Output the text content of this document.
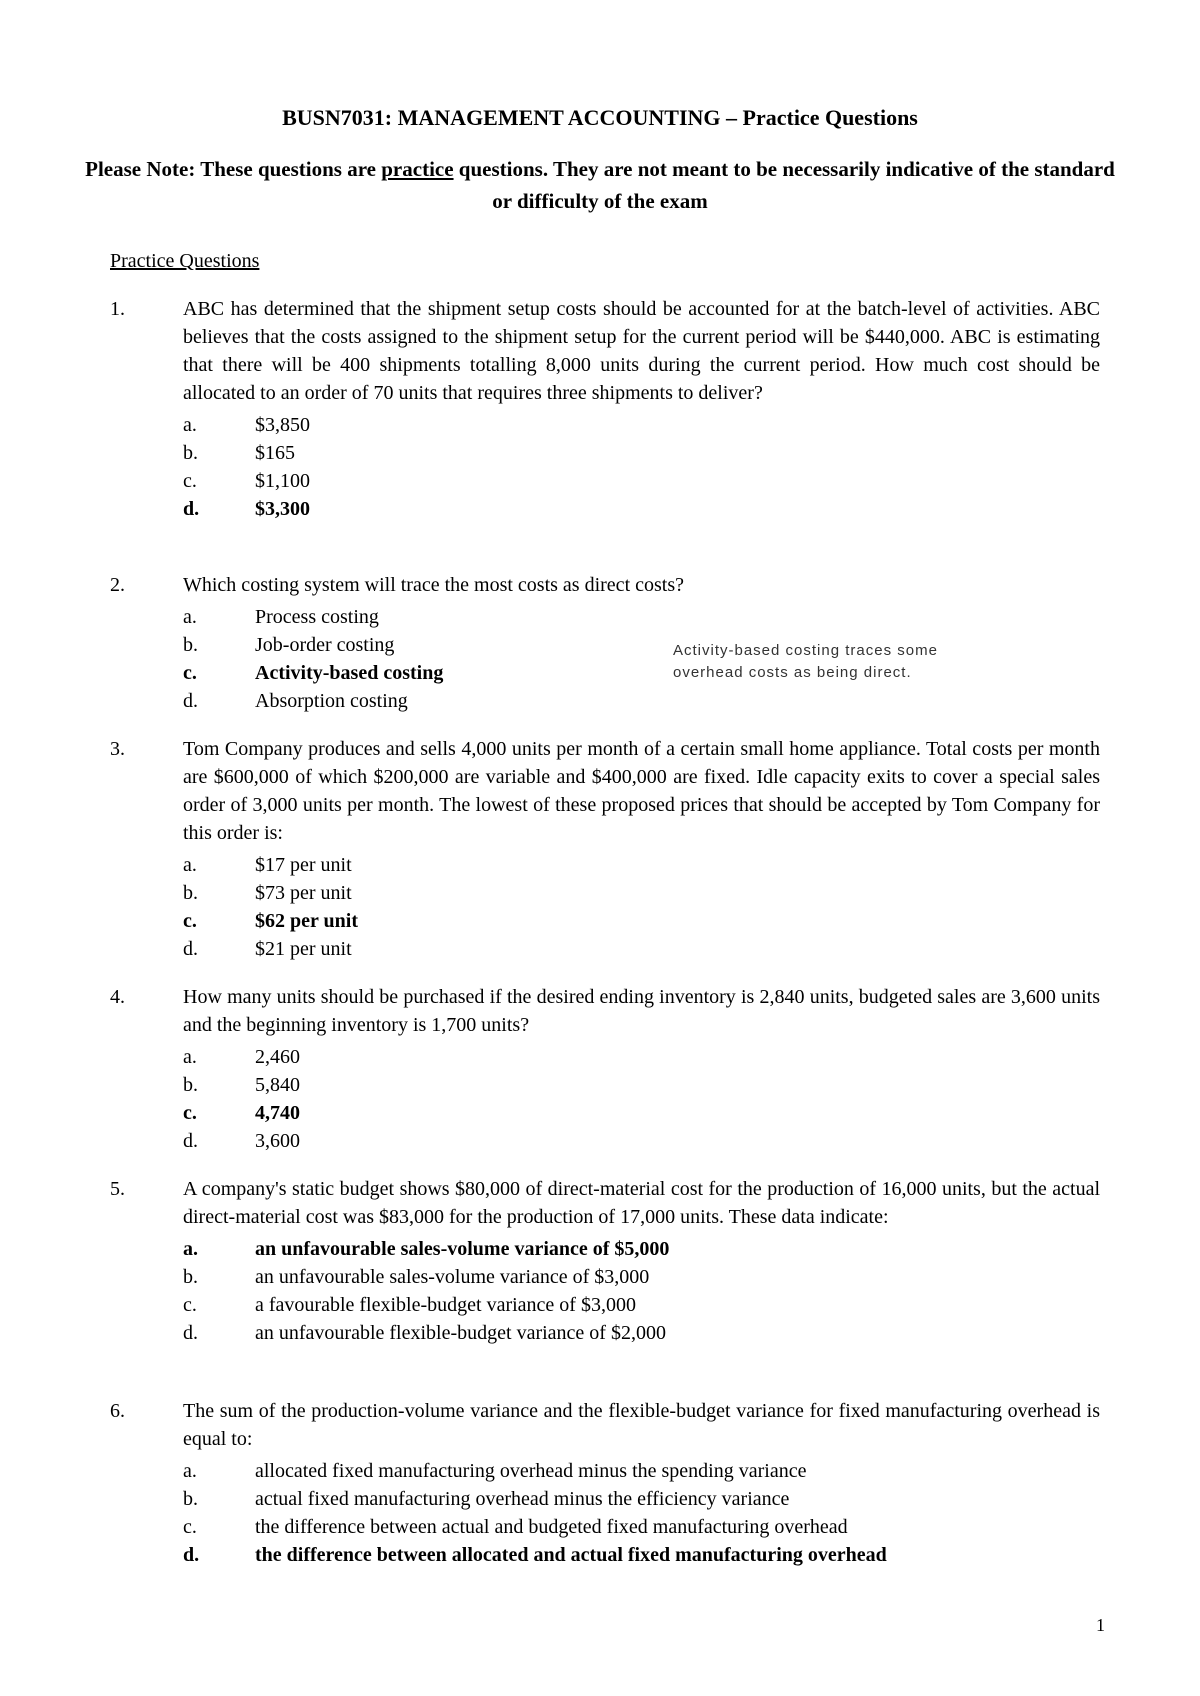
BUSN7031: MANAGEMENT ACCOUNTING – Practice Questions
Please Note: These questions are practice questions. They are not meant to be necessarily indicative of the standard or difficulty of the exam
Practice Questions
1.	ABC has determined that the shipment setup costs should be accounted for at the batch-level of activities. ABC believes that the costs assigned to the shipment setup for the current period will be $440,000. ABC is estimating that there will be 400 shipments totalling 8,000 units during the current period. How much cost should be allocated to an order of 70 units that requires three shipments to deliver?
a.	$3,850
b.	$165
c.	$1,100
d.	$3,300
2.	Which costing system will trace the most costs as direct costs?
a.	Process costing
b.	Job-order costing
c.	Activity-based costing
d.	Absorption costing
Activity-based costing traces some
overhead costs as being direct.
3.	Tom Company produces and sells 4,000 units per month of a certain small home appliance. Total costs per month are $600,000 of which $200,000 are variable and $400,000 are fixed. Idle capacity exits to cover a special sales order of 3,000 units per month. The lowest of these proposed prices that should be accepted by Tom Company for this order is:
a.	$17 per unit
b.	$73 per unit
c.	$62 per unit
d.	$21 per unit
4.	How many units should be purchased if the desired ending inventory is 2,840 units, budgeted sales are 3,600 units and the beginning inventory is 1,700 units?
a.	2,460
b.	5,840
c.	4,740
d.	3,600
5.	A company's static budget shows $80,000 of direct-material cost for the production of 16,000 units, but the actual direct-material cost was $83,000 for the production of 17,000 units. These data indicate:
a.	an unfavourable sales-volume variance of $5,000
b.	an unfavourable sales-volume variance of $3,000
c.	a favourable flexible-budget variance of $3,000
d.	an unfavourable flexible-budget variance of $2,000
6.	The sum of the production-volume variance and the flexible-budget variance for fixed manufacturing overhead is equal to:
a.	allocated fixed manufacturing overhead minus the spending variance
b.	actual fixed manufacturing overhead minus the efficiency variance
c.	the difference between actual and budgeted fixed manufacturing overhead
d.	the difference between allocated and actual fixed manufacturing overhead
1
